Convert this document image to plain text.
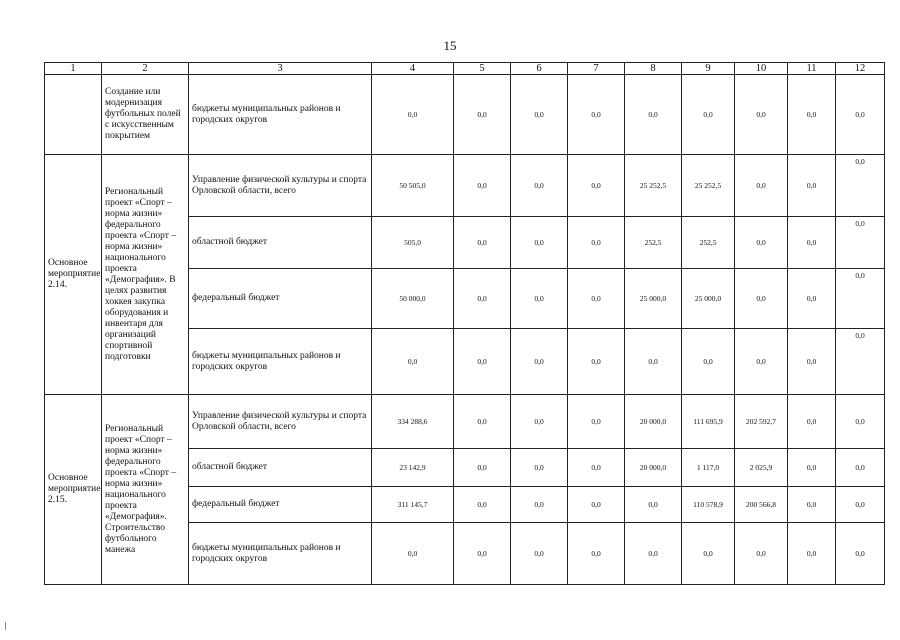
15
1	2	3	4	5	6	7	8	9	10	11	12
	Создание или модернизация футбольных полей с искусственным покрытием	бюджеты муниципальных районов и городских округов	0,0	0,0	0,0	0,0	0,0	0,0	0,0	0,0	0,0
Основное мероприятие 2.14.	Региональный проект «Спорт – норма жизни» федерального проекта «Спорт – норма жизни» национального проекта «Демография». В целях развития хоккея закупка оборудования и инвентаря для организаций спортивной подготовки	Управление физической культуры и спорта Орловской области, всего	50 505,0	0,0	0,0	0,0	25 252,5	25 252,5	0,0	0,0	0,0

		областной бюджет	505,0	0,0	0,0	0,0	252,5	252,5	0,0	0,0	0,0

		федеральный бюджет	50 000,0	0,0	0,0	0,0	25 000,0	25 000,0	0,0	0,0	0,0

		бюджеты муниципальных районов и городских округов	0,0	0,0	0,0	0,0	0,0	0,0	0,0	0,0	0,0

Основное мероприятие 2.15.	Региональный проект «Спорт – норма жизни» федерального проекта «Спорт – норма жизни» национального проекта «Демография». Строительство футбольного манежа	Управление физической культуры и спорта Орловской области, всего	334 288,6	0,0	0,0	0,0	20 000,0	111 695,9	202 592,7	0,0	0,0
		областной бюджет	23 142,9	0,0	0,0	0,0	20 000,0	1 117,0	2 025,9	0,0	0,0
		федеральный бюджет	311 145,7	0,0	0,0	0,0	0,0	110 578,9	200 566,8	0,0	0,0
		бюджеты муниципальных районов и городских округов	0,0	0,0	0,0	0,0	0,0	0,0	0,0	0,0	0,0
